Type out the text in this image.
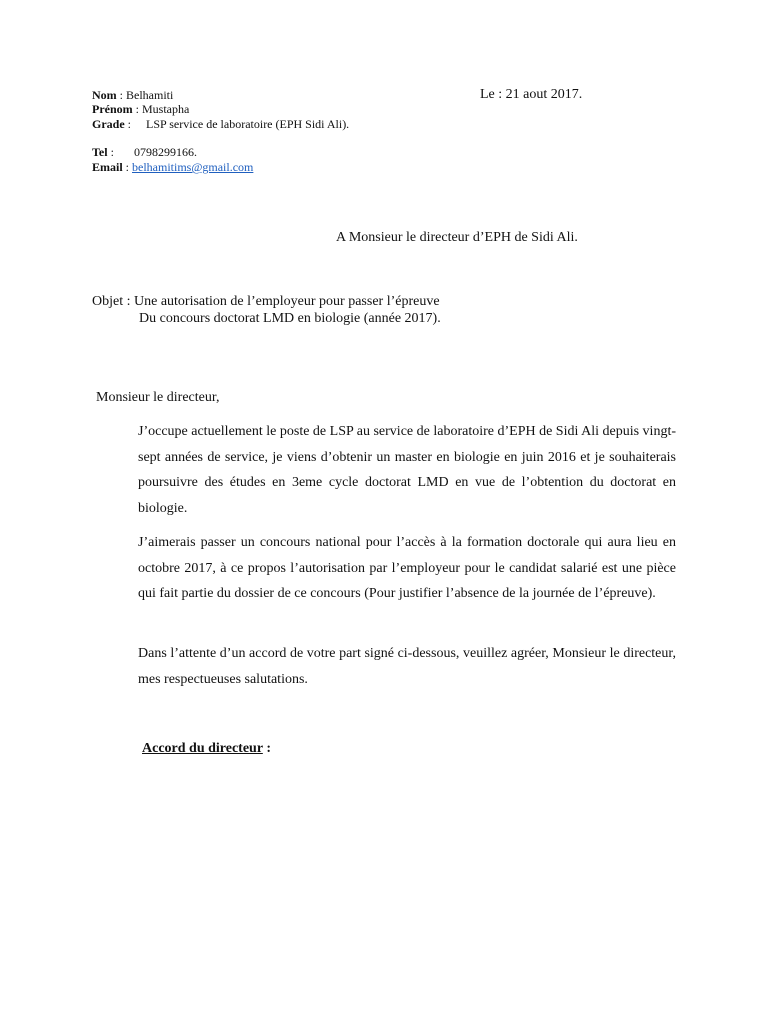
Nom : Belhamiti	Le : 21 aout 2017.
Prénom : Mustapha
Grade : LSP service de laboratoire (EPH Sidi Ali).
Tel : 0798299166.
Email : belhamitims@gmail.com
A Monsieur le directeur d’EPH de Sidi Ali.
Objet : Une autorisation de l’employeur pour passer l’épreuve
Du concours doctorat LMD en biologie (année 2017).
Monsieur le directeur,
J’occupe actuellement le poste de LSP au service de laboratoire d’EPH de Sidi Ali depuis vingt-sept années de service, je viens d’obtenir un master en biologie en juin 2016 et je souhaiterais poursuivre des études en 3eme cycle doctorat LMD en vue de l’obtention du doctorat en biologie.
J’aimerais passer un concours national pour l’accès à la formation doctorale qui aura lieu en octobre 2017, à ce propos l’autorisation par l’employeur pour le candidat salarié est une pièce qui fait partie du dossier de ce concours (Pour justifier l’absence de la journée de l’épreuve).
Dans l’attente d’un accord de votre part signé ci-dessous, veuillez agréer, Monsieur le directeur, mes respectueuses salutations.
Accord du directeur :
